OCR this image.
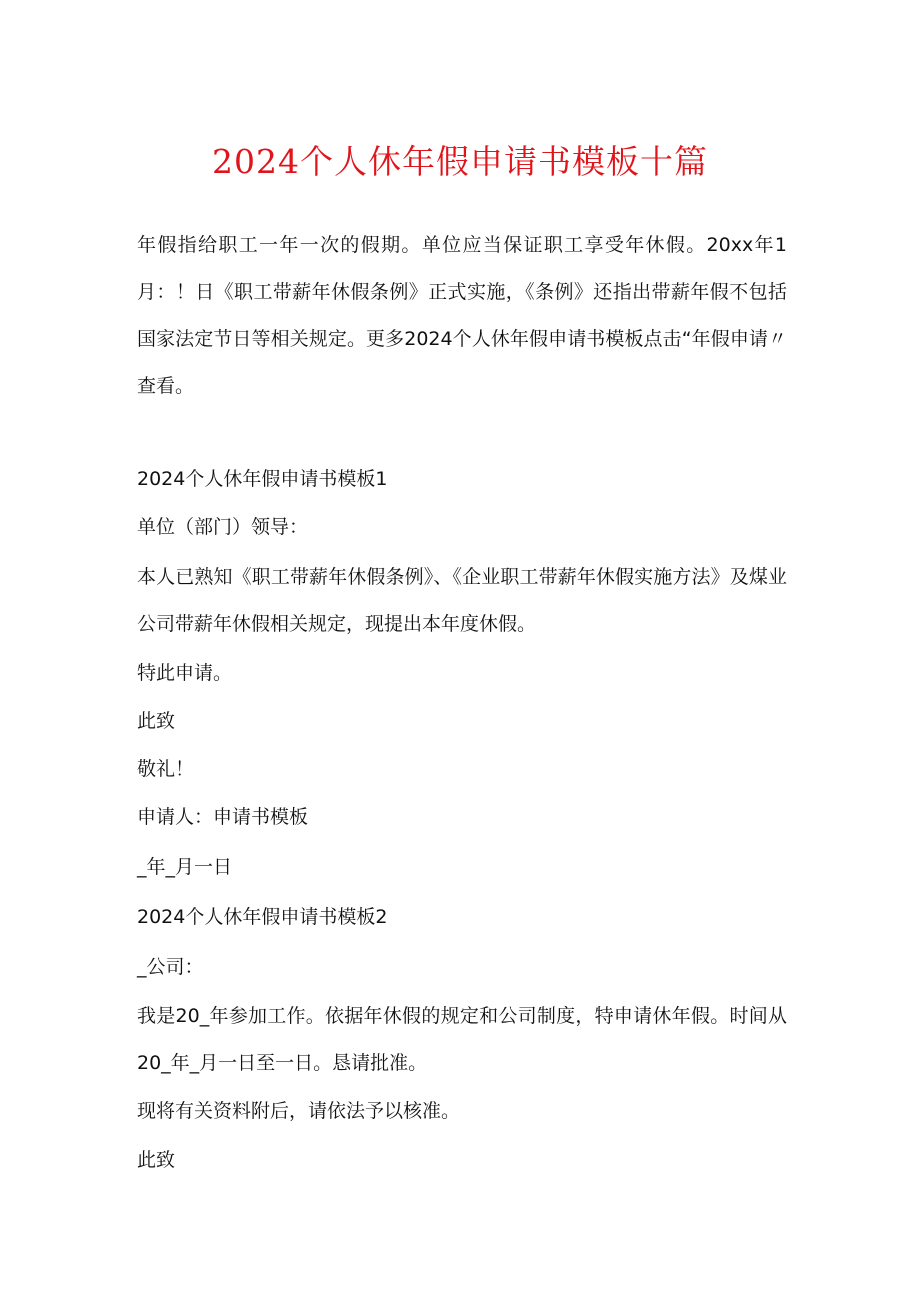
2024个人休年假申请书模板十篇
年假指给职工一年一次的假期。单位应当保证职工享受年休假。20xx年1月：！日《职工带薪年休假条例》正式实施，《条例》还指出带薪年假不包括国家法定节日等相关规定。更多2024个人休年假申请书模板点击“年假申请〃查看。
2024个人休年假申请书模板1
单位（部门）领导：
本人已熟知《职工带薪年休假条例》、《企业职工带薪年休假实施方法》及煤业公司带薪年休假相关规定，现提出本年度休假。
特此申请。
此致
敬礼！
申请人：申请书模板
_年_月一日
2024个人休年假申请书模板2
_公司：
我是20_年参加工作。依据年休假的规定和公司制度，特申请休年假。时间从20_年_月一日至一日。恳请批准。
现将有关资料附后，请依法予以核准。
此致
